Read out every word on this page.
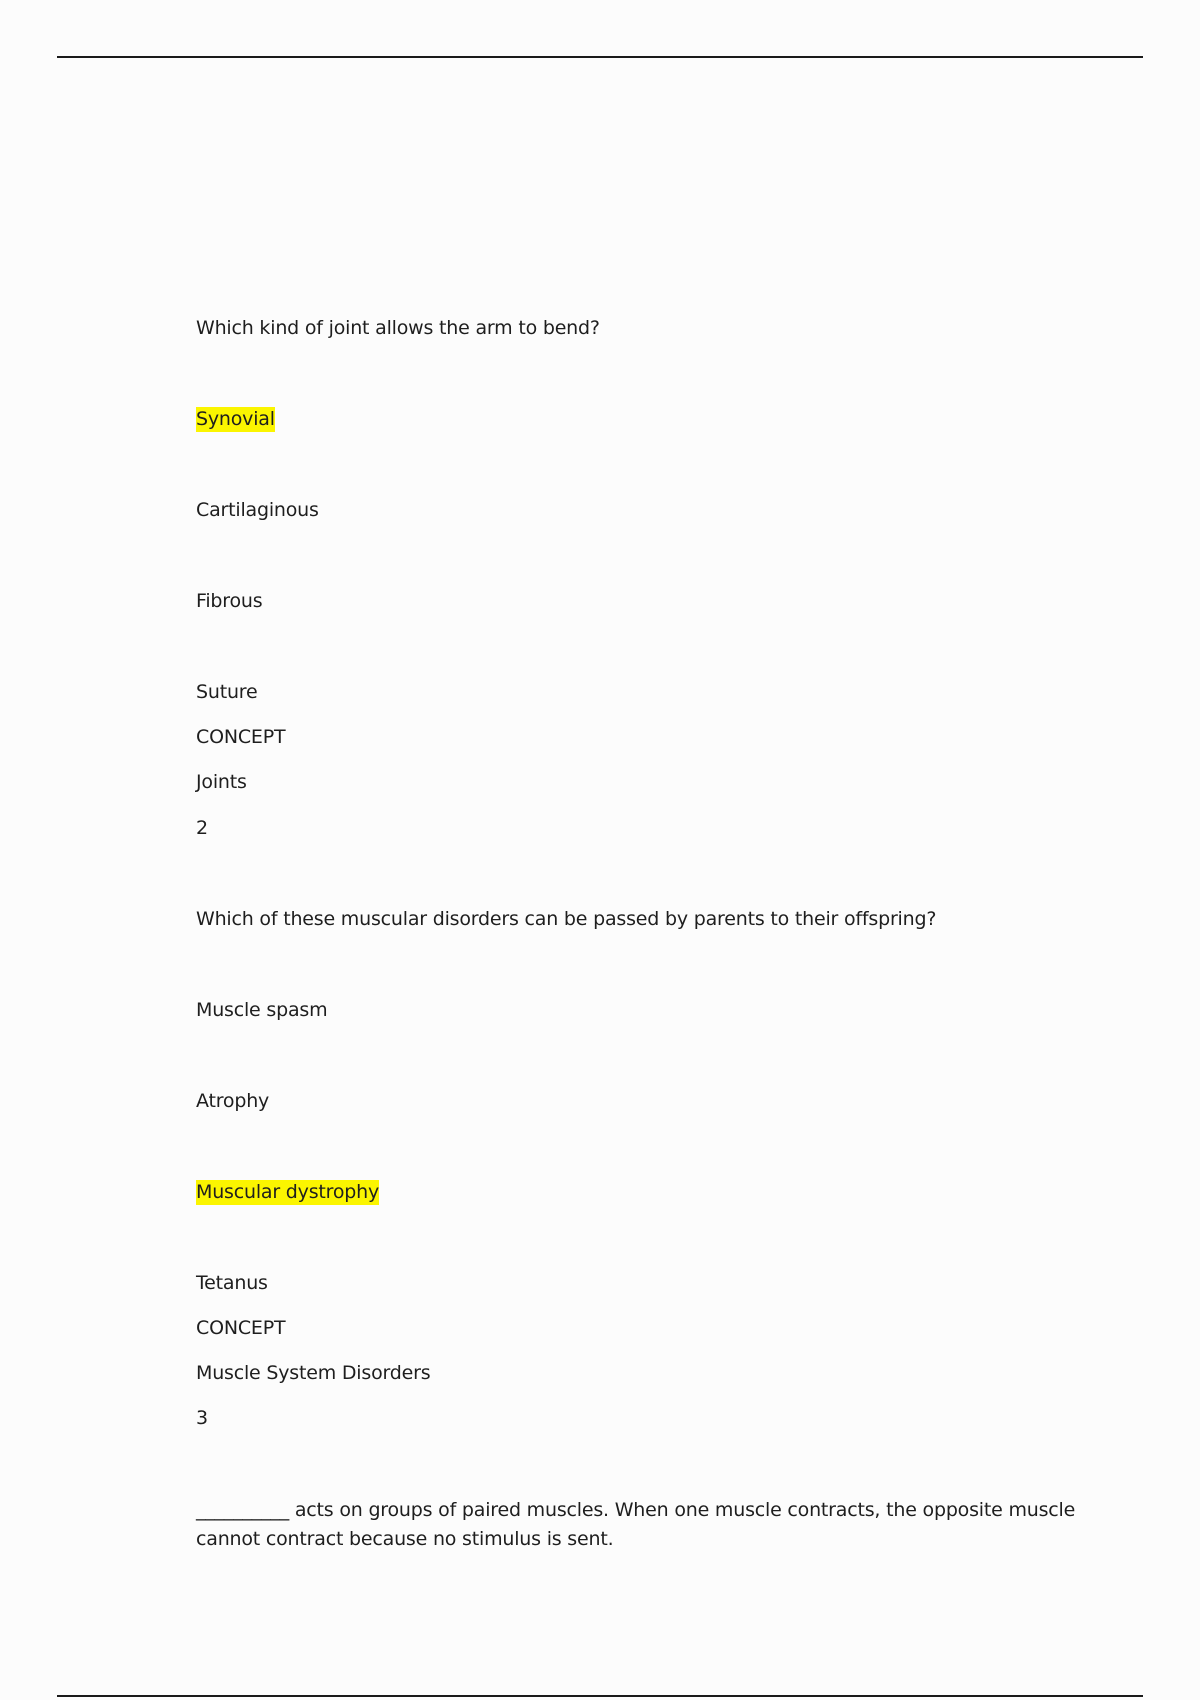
Which kind of joint allows the arm to bend?
Synovial
Cartilaginous
Fibrous
Suture
CONCEPT
Joints
2
Which of these muscular disorders can be passed by parents to their offspring?
Muscle spasm
Atrophy
Muscular dystrophy
Tetanus
CONCEPT
Muscle System Disorders
3
__________ acts on groups of paired muscles. When one muscle contracts, the opposite muscle cannot contract because no stimulus is sent.
